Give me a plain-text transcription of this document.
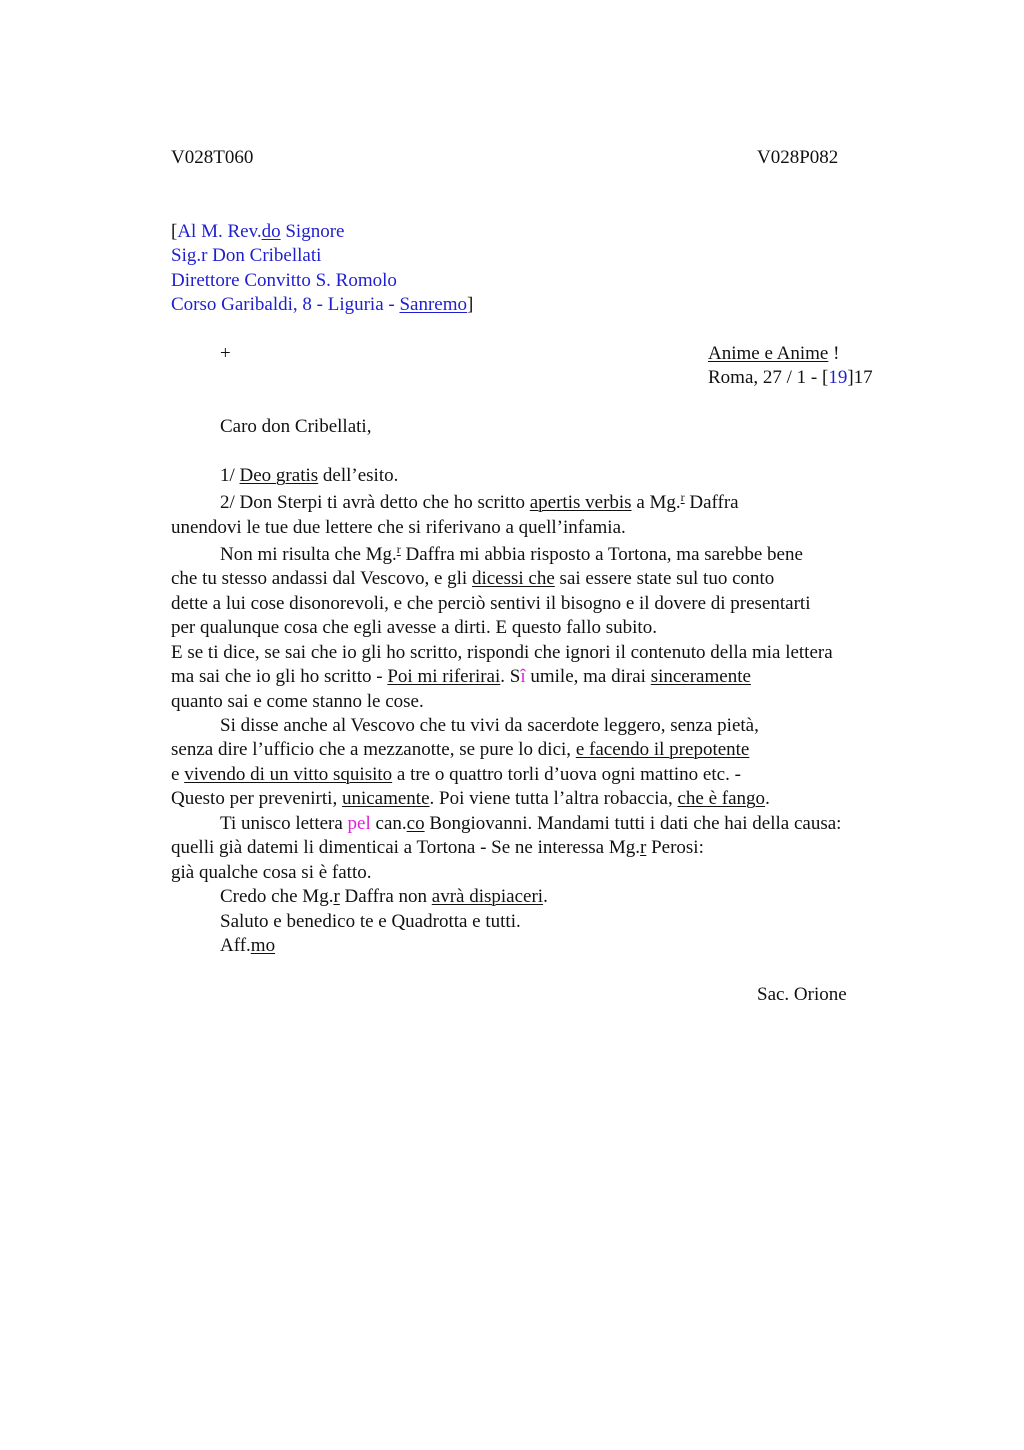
V028T060	V028P082
[Al M. Rev.do Signore
Sig.r Don Cribellati
Direttore Convitto S. Romolo
Corso Garibaldi, 8 - Liguria - Sanremo]
+	Anime e Anime !
Roma, 27 / 1 - [19]17
Caro don Cribellati,
1/ Deo gratis dell’esito.
2/ Don Sterpi ti avrà detto che ho scritto apertis verbis a Mg.$^r$ Daffra
unendovi le tue due lettere che si riferivano a quell’infamia.
Non mi risulta che Mg.$^r$ Daffra mi abbia risposto a Tortona, ma sarebbe bene
che tu stesso andassi dal Vescovo, e gli dicessi che sai essere state sul tuo conto
dette a lui cose disonorevoli, e che perciò sentivi il bisogno e il dovere di presentarti
per qualunque cosa che egli avesse a dirti. E questo fallo subito.
E se ti dice, se sai che io gli ho scritto, rispondi che ignori il contenuto della mia lettera
ma sai che io gli ho scritto - Poi mi riferirai. Sî umile, ma dirai sinceramente
quanto sai e come stanno le cose.
Si disse anche al Vescovo che tu vivi da sacerdote leggero, senza pietà,
senza dire l’ufficio che a mezzanotte, se pure lo dici, e facendo il prepotente
e vivendo di un vitto squisito a tre o quattro torli d’uova ogni mattino etc. -
Questo per prevenirti, unicamente. Poi viene tutta l’altra robaccia, che è fango.
Ti unisco lettera pel can.co Bongiovanni. Mandami tutti i dati che hai della causa:
quelli già datemi li dimenticai a Tortona - Se ne interessa Mg.r Perosi:
già qualche cosa si è fatto.
Credo che Mg.r Daffra non avrà dispiaceri.
Saluto e benedico te e Quadrotta e tutti.
Aff.mo
Sac. Orione
